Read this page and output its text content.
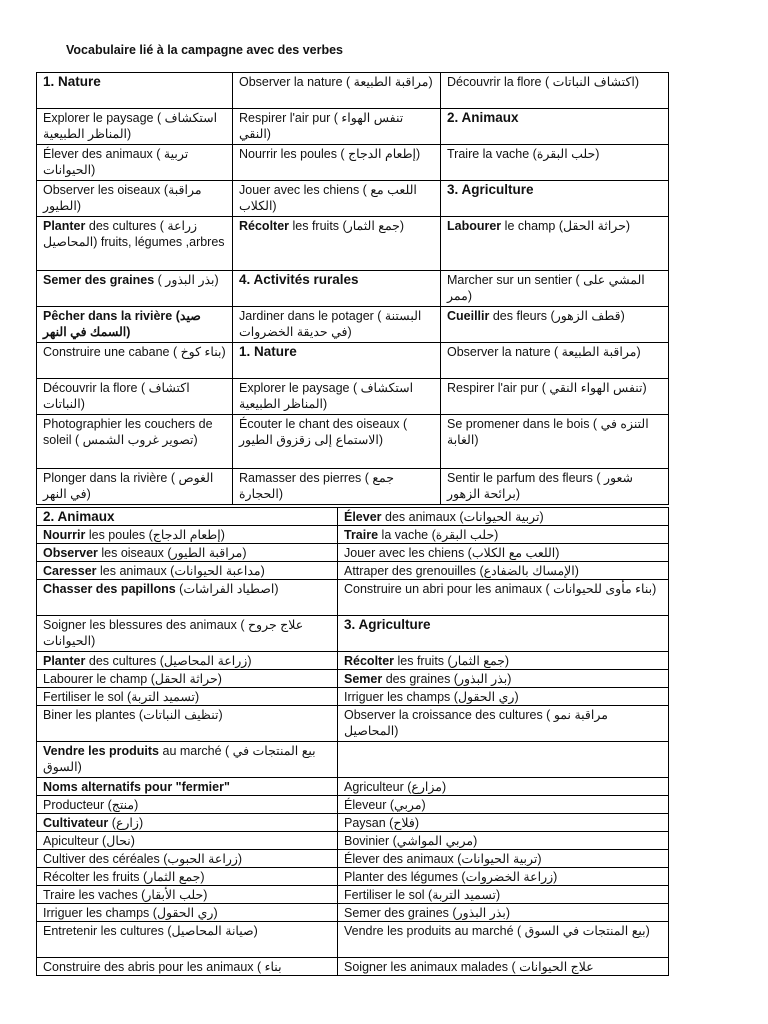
Vocabulaire lié à la campagne avec des verbes
1. Nature	Observer la nature ( مراقبة الطبيعة)	Découvrir la flore ( اكتشاف النباتات)
Explorer le paysage ( استكشاف المناظر الطبيعية)	Respirer l'air pur ( تنفس الهواء النقي)	2. Animaux
Élever des animaux ( تربية الحيوانات)	Nourrir les poules ( إطعام الدجاج)	Traire la vache (حلب البقرة)
Observer les oiseaux (مراقبة الطيور)	Jouer avec les chiens ( اللعب مع الكلاب)	3. Agriculture
Planter des cultures ( زراعة المحاصيل) fruits, légumes ,arbres	Récolter les fruits (جمع الثمار)	Labourer le champ (حراثة الحقل)
Semer des graines ( بذر البذور)	4. Activités rurales	Marcher sur un sentier ( المشي على ممر)
Pêcher dans la rivière (صيد السمك في النهر)	Jardiner dans le potager ( البستنة في حديقة الخضروات)	Cueillir des fleurs (قطف الزهور)
Construire une cabane ( بناء كوخ)	1. Nature	Observer la nature ( مراقبة الطبيعة)
Découvrir la flore ( اكتشاف النباتات)	Explorer le paysage ( استكشاف المناظر الطبيعية)	Respirer l'air pur ( تنفس الهواء النقي)
Photographier les couchers de soleil ( تصوير غروب الشمس)	Écouter le chant des oiseaux ( الاستماع إلى زقزوق الطيور)	Se promener dans le bois ( التنزه في الغابة)
Plonger dans la rivière ( الغوص في النهر)	Ramasser des pierres ( جمع الحجارة)	Sentir le parfum des fleurs ( شعور برائحة الزهور)
2. Animaux	Élever des animaux (تربية الحيوانات)
Nourrir les poules (إطعام الدجاج)	Traire la vache (حلب البقرة)
Observer les oiseaux (مراقبة الطيور)	Jouer avec les chiens (اللعب مع الكلاب)
Caresser les animaux (مداعبة الحيوانات)	Attraper des grenouilles (الإمساك بالضفادع)
Chasser des papillons (اصطياد الفراشات)	Construire un abri pour les animaux ( بناء مأوى للحيوانات)
Soigner les blessures des animaux ( علاج جروح الحيوانات)	3. Agriculture
Planter des cultures (زراعة المحاصيل)	Récolter les fruits (جمع الثمار)
Labourer le champ (حراثة الحقل)	Semer des graines (بذر البذور)
Fertiliser le sol (تسميد التربة)	Irriguer les champs (ري الحقول)
Biner les plantes (تنظيف النباتات)	Observer la croissance des cultures ( مراقبة نمو المحاصيل)
Vendre les produits au marché ( بيع المنتجات في السوق)	
Noms alternatifs pour "fermier"	Agriculteur (مزارع)
Producteur (منتج)	Éleveur (مربي)
Cultivateur (زارع)	Paysan (فلاح)
Apiculteur (نحال)	Bovinier (مربي المواشي)
Cultiver des céréales (زراعة الحبوب)	Élever des animaux (تربية الحيوانات)
Récolter les fruits (جمع الثمار)	Planter des légumes (زراعة الخضروات)
Traire les vaches (حلب الأبقار)	Fertiliser le sol (تسميد التربة)
Irriguer les champs (ري الحقول)	Semer des graines (بذر البذور)
Entretenir les cultures (صيانة المحاصيل)	Vendre les produits au marché ( بيع المنتجات في السوق)
Construire des abris pour les animaux ( بناء	Soigner les animaux malades ( علاج الحيوانات
